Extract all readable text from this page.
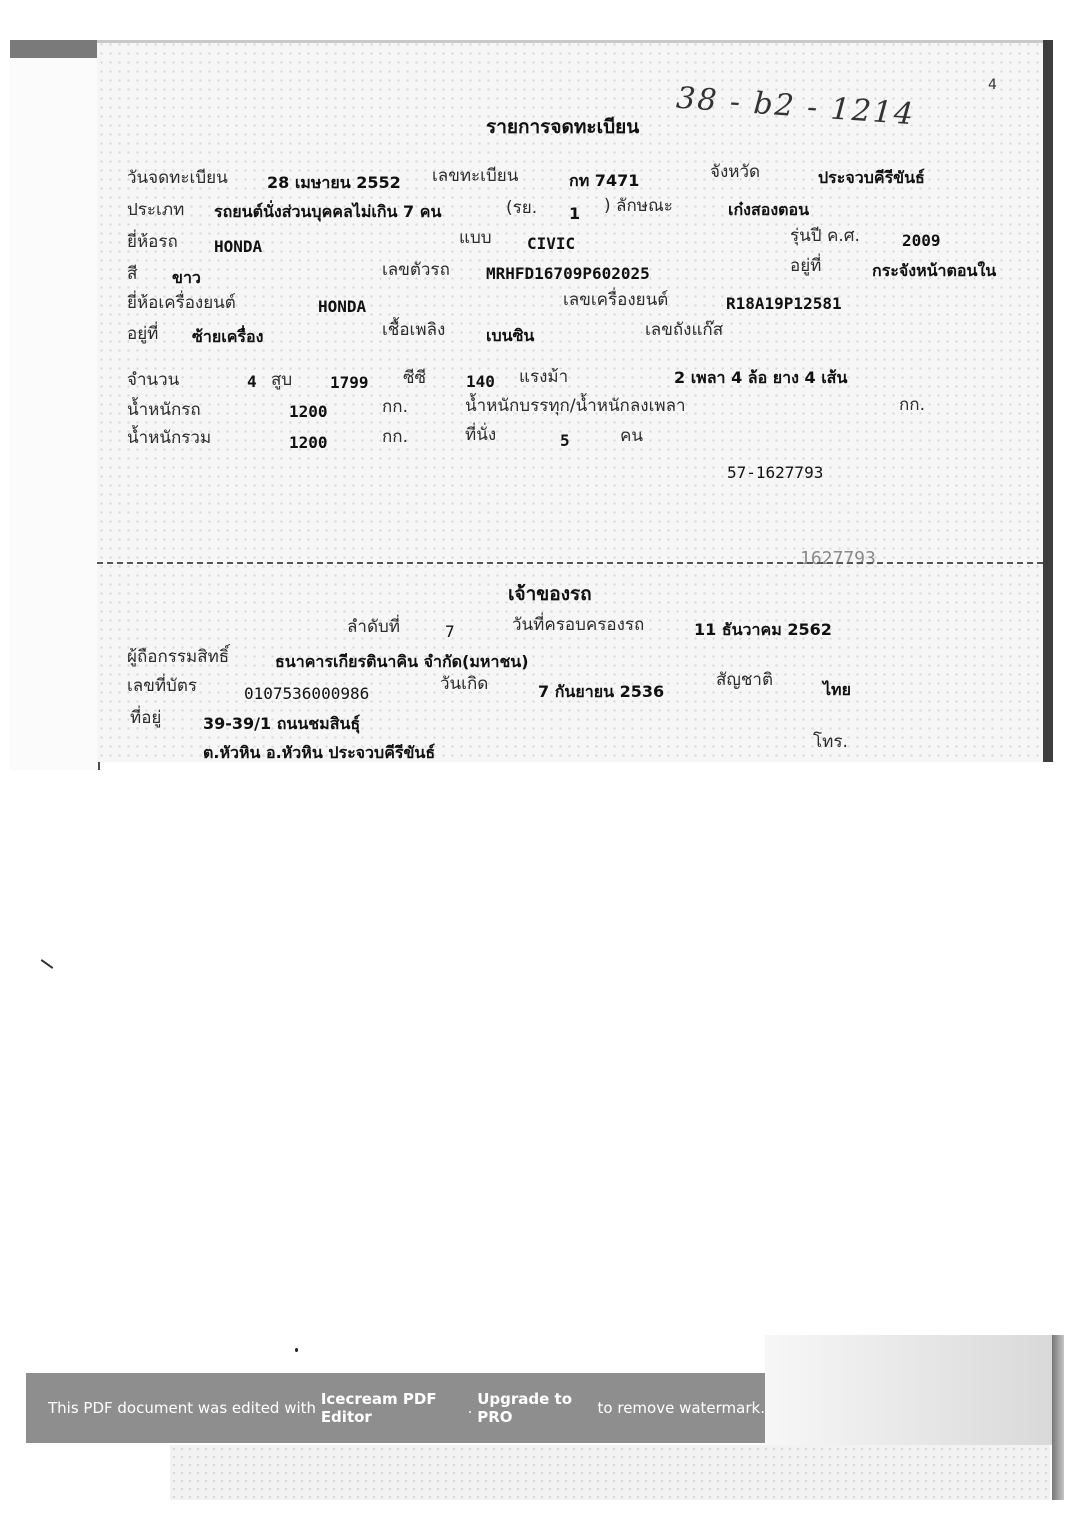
4
38 - b2 - 1214
รายการจดทะเบียน
วันจดทะเบียน 28 เมษายน 2552 เลขทะเบียน	กท 7471	จังหวัด	ประจวบคีรีขันธ์
ประเภท รถยนต์นั่งส่วนบุคคลไม่เกิน 7 คน	(รย. 1 ) ลักษณะ	เก๋งสองตอน
ยี่ห้อรถ HONDA	แบบ CIVIC	รุ่นปี ค.ศ.	2009
สี ขาว	เลขตัวรถ MRHFD16709P602025	อยู่ที่	กระจังหน้าตอนใน
ยี่ห้อเครื่องยนต์	HONDA	เลขเครื่องยนต์	R18A19P12581
อยู่ที่ ซ้ายเครื่อง	เชื้อเพลิง	เบนซิน	เลขถังแก๊ส
จำนวน	4 สูบ 1799 ซีซี 140 แรงม้า	2 เพลา 4 ล้อ ยาง 4 เส้น
น้ำหนักรถ	1200	กก.	น้ำหนักบรรทุก/น้ำหนักลงเพลา	กก.
น้ำหนักรวม	1200	กก.	ที่นั่ง	5	คน
57-1627793
1627793
เจ้าของรถ
ลำดับที่	7	วันที่ครอบครองรถ	11 ธันวาคม 2562
ผู้ถือกรรมสิทธิ์	ธนาคารเกียรตินาคิน จำกัด(มหาชน)
เลขที่บัตร	0107536000986	วันเกิด	7 กันยายน 2536
สัญชาติ	ไทย
ที่อยู่	39-39/1 ถนนชมสินธุ์
ต.หัวหิน อ.หัวหิน ประจวบคีรีขันธ์
โทร.
This PDF document was edited with Icecream PDF Editor	. Upgrade to PRO	to remove watermark.
